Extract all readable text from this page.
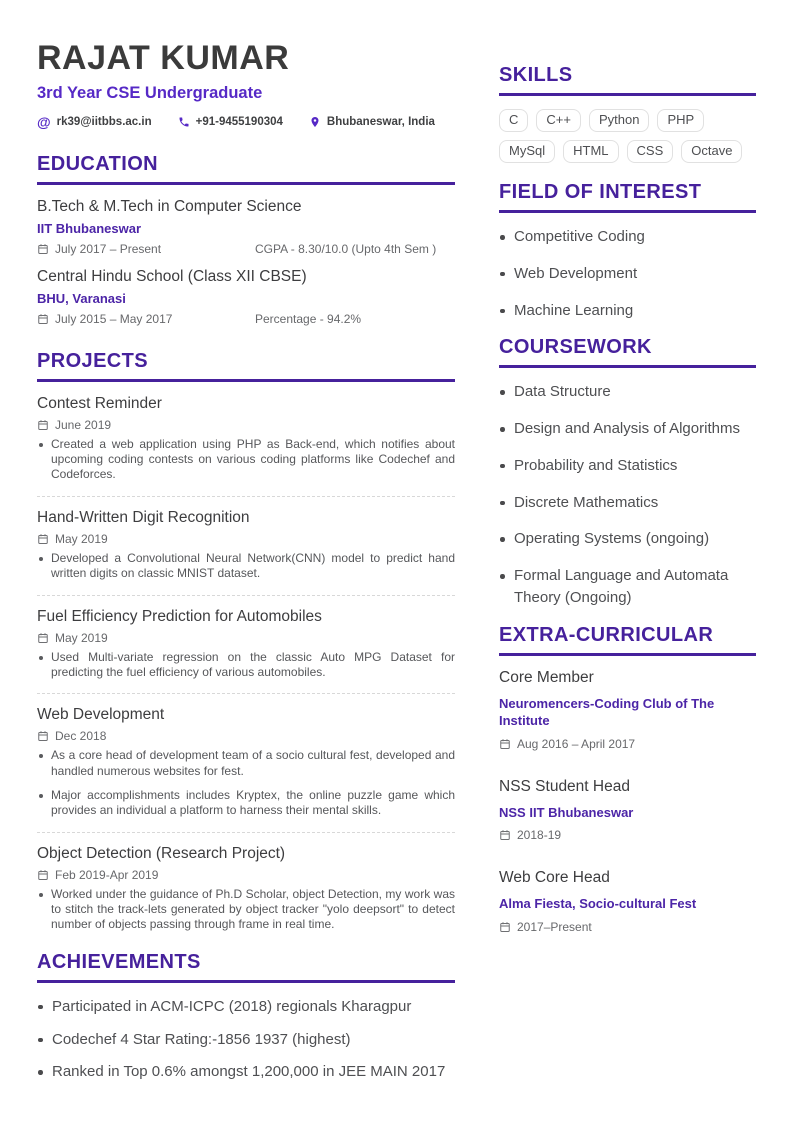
RAJAT KUMAR
3rd Year CSE Undergraduate
@ rk39@iitbbs.ac.in	+91-9455190304	Bhubaneswar, India
EDUCATION
B.Tech & M.Tech in Computer Science
IIT Bhubaneswar
July 2017 – Present	CGPA - 8.30/10.0 (Upto 4th Sem )
Central Hindu School (Class XII CBSE)
BHU, Varanasi
July 2015 – May 2017	Percentage - 94.2%
PROJECTS
Contest Reminder
June 2019
Created a web application using PHP as Back-end, which notifies about upcoming coding contests on various coding platforms like Codechef and Codeforces.
Hand-Written Digit Recognition
May 2019
Developed a Convolutional Neural Network(CNN) model to predict hand written digits on classic MNIST dataset.
Fuel Efficiency Prediction for Automobiles
May 2019
Used Multi-variate regression on the classic Auto MPG Dataset for predicting the fuel efficiency of various automobiles.
Web Development
Dec 2018
As a core head of development team of a socio cultural fest, developed and handled numerous websites for fest.
Major accomplishments includes Kryptex, the online puzzle game which provides an individual a platform to harness their mental skills.
Object Detection (Research Project)
Feb 2019-Apr 2019
Worked under the guidance of Ph.D Scholar, object Detection, my work was to stitch the track-lets generated by object tracker "yolo deepsort" to detect number of objects passing through frame in real time.
ACHIEVEMENTS
Participated in ACM-ICPC (2018) regionals Kharagpur
Codechef 4 Star Rating:-1856 1937 (highest)
Ranked in Top 0.6% amongst 1,200,000 in JEE MAIN 2017
SKILLS
C	C++	Python	PHP
MySql	HTML	CSS	Octave
FIELD OF INTEREST
Competitive Coding
Web Development
Machine Learning
COURSEWORK
Data Structure
Design and Analysis of Algorithms
Probability and Statistics
Discrete Mathematics
Operating Systems (ongoing)
Formal Language and Automata Theory (Ongoing)
EXTRA-CURRICULAR
Core Member
Neuromencers-Coding Club of The Institute
Aug 2016 – April 2017
NSS Student Head
NSS IIT Bhubaneswar
2018-19
Web Core Head
Alma Fiesta, Socio-cultural Fest
2017–Present
